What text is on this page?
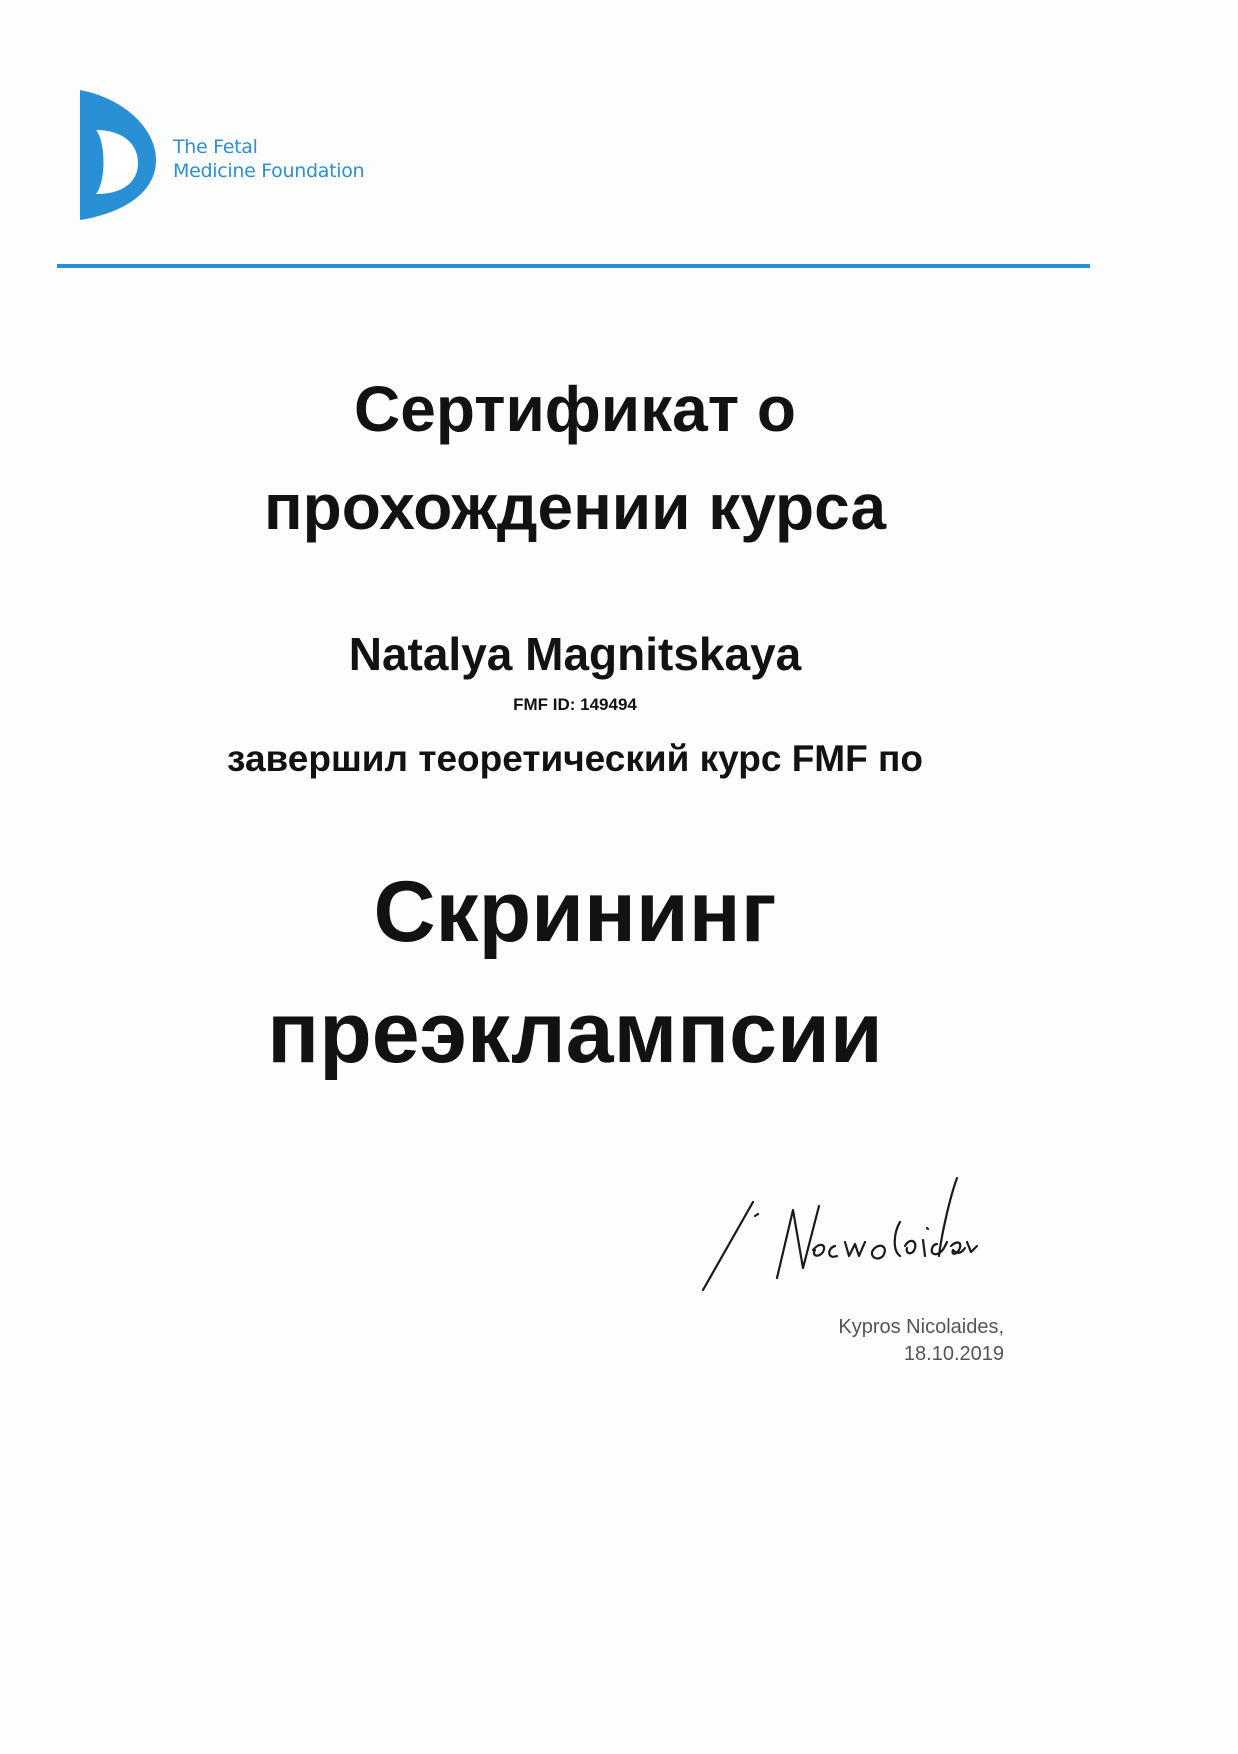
The Fetal
Medicine Foundation
Сертификат о
прохождении курса
Natalya Magnitskaya
FMF ID: 149494
завершил теоретический курс FMF по
Скрининг
преэклампсии
Kypros Nicolaides,
18.10.2019
